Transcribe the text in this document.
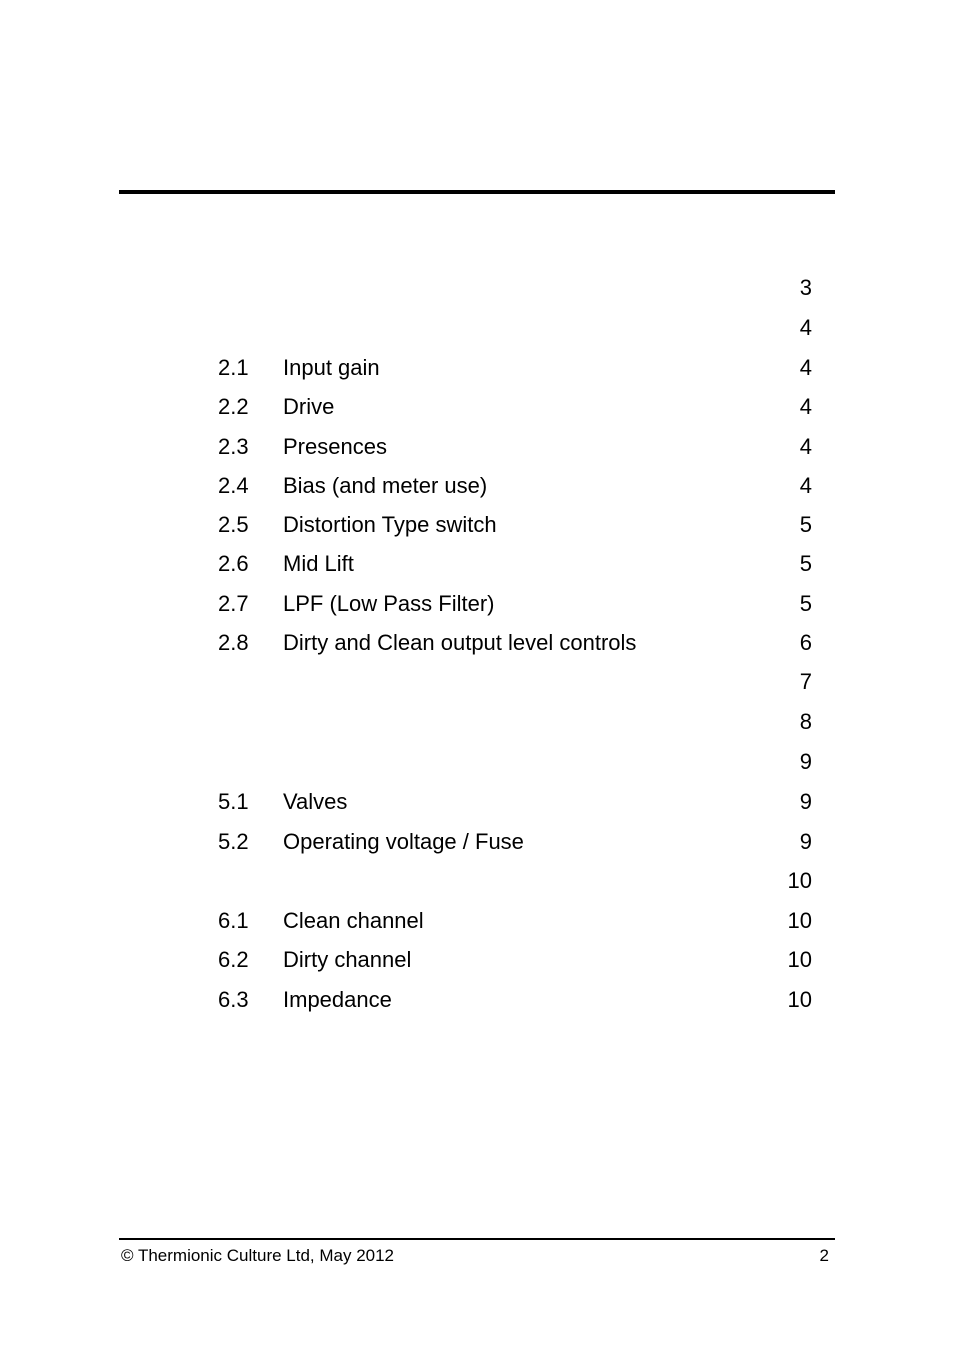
3
4
2.1 Input gain	4
2.2 Drive	4
2.3 Presences	4
2.4 Bias (and meter use)	4
2.5 Distortion Type switch	5
2.6 Mid Lift	5
2.7 LPF (Low Pass Filter)	5
2.8 Dirty and Clean output level controls	6
7
8
9
5.1 Valves	9
5.2 Operating voltage / Fuse	9
10
6.1 Clean channel	10
6.2 Dirty channel	10
6.3 Impedance	10
© Thermionic Culture Ltd, May 2012	2
